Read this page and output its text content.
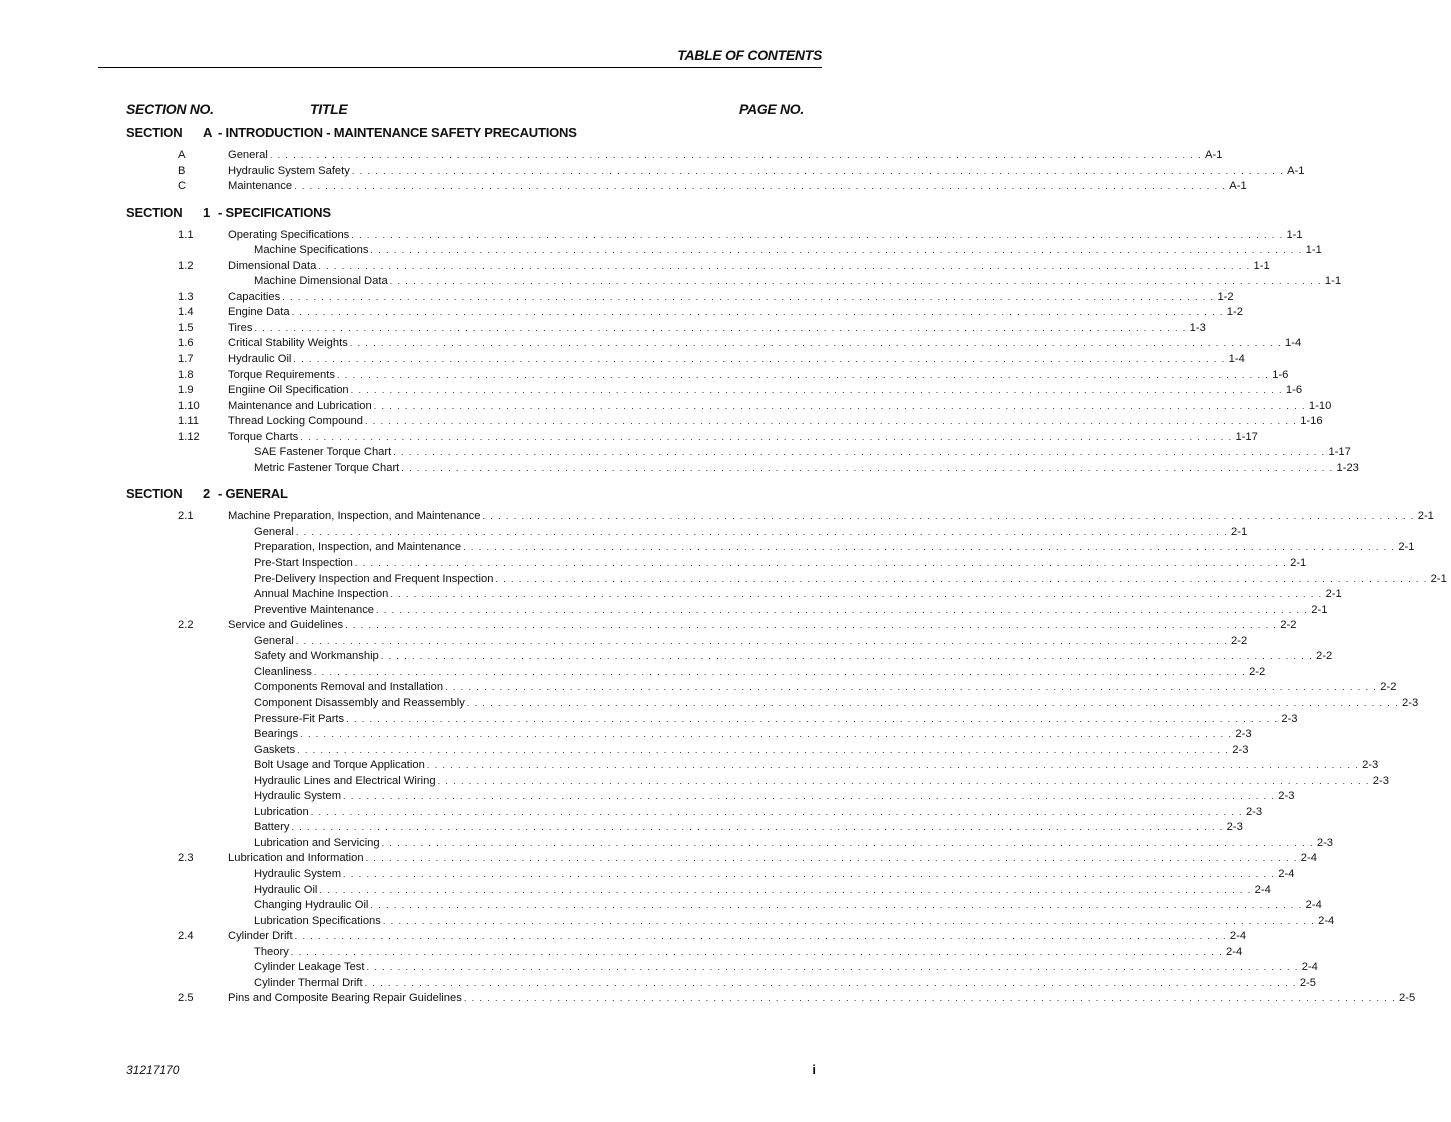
TABLE OF CONTENTS
SECTION NO.	TITLE	PAGE NO.
SECTION A - INTRODUCTION - MAINTENANCE SAFETY PRECAUTIONS
A	General . . . . . . . . . . . . . . . . . . . . . . . . . . . . . . . . . . . . . . . . . . . . . . . . . . . . . . . . . . . . . . . . . . . . . . . . . . . . . . . . . . . . . . . . . . . . . . . . . . . . . . . . . . . . . . . . . . . . . . . . A-1
B	Hydraulic System Safety . . . . . . . . . . . . . . . . . . . . . . . . . . . . . . . . . . . . . . . . . . . . . . . . . . . . . . . . . . . . . . . . . . . . . . . . . . . . . . . . . . . . . . . . . . . . . . . . . . . . . . . . . . . . . . . . . . . . . . . . A-1
C	Maintenance . . . . . . . . . . . . . . . . . . . . . . . . . . . . . . . . . . . . . . . . . . . . . . . . . . . . . . . . . . . . . . . . . . . . . . . . . . . . . . . . . . . . . . . . . . . . . . . . . . . . . . . . . . . . . . . . . . . . . . . . A-1
SECTION 1 - SPECIFICATIONS
1.1	Operating Specifications . . . . . . . . . . . . . . . . . . . . . . . . . . . . . . . . . . . . . . . . . . . . . . . . . . . . . . . . . . . . . . . . . . . . . . . . . . . . . . . . . . . . . . . . . . . . . . . . . . . . . . . . . . . . . . . . . . . . . . . . 1-1
Machine Specifications . . . . . . . . . . . . . . . . . . . . . . . . . . . . . . . . . . . . . . . . . . . . . . . . . . . . . . . . . . . . . . . . . . . . . . . . . . . . . . . . . . . . . . . . . . . . . . . . . . . . . . . . . . . . . . . . . . . . . . . . 1-1
1.2	Dimensional Data . . . . . . . . . . . . . . . . . . . . . . . . . . . . . . . . . . . . . . . . . . . . . . . . . . . . . . . . . . . . . . . . . . . . . . . . . . . . . . . . . . . . . . . . . . . . . . . . . . . . . . . . . . . . . . . . . . . . . . . . 1-1
Machine Dimensional Data . . . . . . . . . . . . . . . . . . . . . . . . . . . . . . . . . . . . . . . . . . . . . . . . . . . . . . . . . . . . . . . . . . . . . . . . . . . . . . . . . . . . . . . . . . . . . . . . . . . . . . . . . . . . . . . . . . . . . . . . 1-1
1.3	Capacities . . . . . . . . . . . . . . . . . . . . . . . . . . . . . . . . . . . . . . . . . . . . . . . . . . . . . . . . . . . . . . . . . . . . . . . . . . . . . . . . . . . . . . . . . . . . . . . . . . . . . . . . . . . . . . . . . . . . . . . . 1-2
1.4	Engine Data . . . . . . . . . . . . . . . . . . . . . . . . . . . . . . . . . . . . . . . . . . . . . . . . . . . . . . . . . . . . . . . . . . . . . . . . . . . . . . . . . . . . . . . . . . . . . . . . . . . . . . . . . . . . . . . . . . . . . . . . 1-2
1.5	Tires . . . . . . . . . . . . . . . . . . . . . . . . . . . . . . . . . . . . . . . . . . . . . . . . . . . . . . . . . . . . . . . . . . . . . . . . . . . . . . . . . . . . . . . . . . . . . . . . . . . . . . . . . . . . . . . . . . . . . . . . 1-3
1.6	Critical Stability Weights . . . . . . . . . . . . . . . . . . . . . . . . . . . . . . . . . . . . . . . . . . . . . . . . . . . . . . . . . . . . . . . . . . . . . . . . . . . . . . . . . . . . . . . . . . . . . . . . . . . . . . . . . . . . . . . . . . . . . . . . 1-4
1.7	Hydraulic Oil . . . . . . . . . . . . . . . . . . . . . . . . . . . . . . . . . . . . . . . . . . . . . . . . . . . . . . . . . . . . . . . . . . . . . . . . . . . . . . . . . . . . . . . . . . . . . . . . . . . . . . . . . . . . . . . . . . . . . . . . 1-4
1.8	Torque Requirements . . . . . . . . . . . . . . . . . . . . . . . . . . . . . . . . . . . . . . . . . . . . . . . . . . . . . . . . . . . . . . . . . . . . . . . . . . . . . . . . . . . . . . . . . . . . . . . . . . . . . . . . . . . . . . . . . . . . . . . . 1-6
1.9	Engiine Oil Specification . . . . . . . . . . . . . . . . . . . . . . . . . . . . . . . . . . . . . . . . . . . . . . . . . . . . . . . . . . . . . . . . . . . . . . . . . . . . . . . . . . . . . . . . . . . . . . . . . . . . . . . . . . . . . . . . . . . . . . . . 1-6
1.10	Maintenance and Lubrication . . . . . . . . . . . . . . . . . . . . . . . . . . . . . . . . . . . . . . . . . . . . . . . . . . . . . . . . . . . . . . . . . . . . . . . . . . . . . . . . . . . . . . . . . . . . . . . . . . . . . . . . . . . . . . . . . . . . . . . . 1-10
1.11	Thread Locking Compound . . . . . . . . . . . . . . . . . . . . . . . . . . . . . . . . . . . . . . . . . . . . . . . . . . . . . . . . . . . . . . . . . . . . . . . . . . . . . . . . . . . . . . . . . . . . . . . . . . . . . . . . . . . . . . . . . . . . . . . . 1-16
1.12	Torque Charts . . . . . . . . . . . . . . . . . . . . . . . . . . . . . . . . . . . . . . . . . . . . . . . . . . . . . . . . . . . . . . . . . . . . . . . . . . . . . . . . . . . . . . . . . . . . . . . . . . . . . . . . . . . . . . . . . . . . . . . . 1-17
SAE Fastener Torque Chart . . . . . . . . . . . . . . . . . . . . . . . . . . . . . . . . . . . . . . . . . . . . . . . . . . . . . . . . . . . . . . . . . . . . . . . . . . . . . . . . . . . . . . . . . . . . . . . . . . . . . . . . . . . . . . . . . . . . . . . . 1-17
Metric Fastener Torque Chart . . . . . . . . . . . . . . . . . . . . . . . . . . . . . . . . . . . . . . . . . . . . . . . . . . . . . . . . . . . . . . . . . . . . . . . . . . . . . . . . . . . . . . . . . . . . . . . . . . . . . . . . . . . . . . . . . . . . . . . . 1-23
SECTION 2 - GENERAL
2.1	Machine Preparation, Inspection, and Maintenance . . . . . . . . . . . . . . . . . . . . . . . . . . . . . . . . . . . . . . . . . . . . . . . . . . . . . . . . . . . . . . . . . . . . . . . . . . . . . . . . . . . . . . . . . . . . . . . . . . . . . . . . . . . . . . . . . . . . . . . . 2-1
General . . . . . . . . . . . . . . . . . . . . . . . . . . . . . . . . . . . . . . . . . . . . . . . . . . . . . . . . . . . . . . . . . . . . . . . . . . . . . . . . . . . . . . . . . . . . . . . . . . . . . . . . . . . . . . . . . . . . . . . . 2-1
Preparation, Inspection, and Maintenance . . . . . . . . . . . . . . . . . . . . . . . . . . . . . . . . . . . . . . . . . . . . . . . . . . . . . . . . . . . . . . . . . . . . . . . . . . . . . . . . . . . . . . . . . . . . . . . . . . . . . . . . . . . . . . . . . . . . . . . . 2-1
Pre-Start Inspection . . . . . . . . . . . . . . . . . . . . . . . . . . . . . . . . . . . . . . . . . . . . . . . . . . . . . . . . . . . . . . . . . . . . . . . . . . . . . . . . . . . . . . . . . . . . . . . . . . . . . . . . . . . . . . . . . . . . . . . . 2-1
Pre-Delivery Inspection and Frequent Inspection . . . . . . . . . . . . . . . . . . . . . . . . . . . . . . . . . . . . . . . . . . . . . . . . . . . . . . . . . . . . . . . . . . . . . . . . . . . . . . . . . . . . . . . . . . . . . . . . . . . . . . . . . . . . . . . . . . . . . . . . 2-1
Annual Machine Inspection . . . . . . . . . . . . . . . . . . . . . . . . . . . . . . . . . . . . . . . . . . . . . . . . . . . . . . . . . . . . . . . . . . . . . . . . . . . . . . . . . . . . . . . . . . . . . . . . . . . . . . . . . . . . . . . . . . . . . . . . 2-1
Preventive Maintenance . . . . . . . . . . . . . . . . . . . . . . . . . . . . . . . . . . . . . . . . . . . . . . . . . . . . . . . . . . . . . . . . . . . . . . . . . . . . . . . . . . . . . . . . . . . . . . . . . . . . . . . . . . . . . . . . . . . . . . . . 2-1
2.2	Service and Guidelines . . . . . . . . . . . . . . . . . . . . . . . . . . . . . . . . . . . . . . . . . . . . . . . . . . . . . . . . . . . . . . . . . . . . . . . . . . . . . . . . . . . . . . . . . . . . . . . . . . . . . . . . . . . . . . . . . . . . . . . . 2-2
General . . . . . . . . . . . . . . . . . . . . . . . . . . . . . . . . . . . . . . . . . . . . . . . . . . . . . . . . . . . . . . . . . . . . . . . . . . . . . . . . . . . . . . . . . . . . . . . . . . . . . . . . . . . . . . . . . . . . . . . . 2-2
Safety and Workmanship . . . . . . . . . . . . . . . . . . . . . . . . . . . . . . . . . . . . . . . . . . . . . . . . . . . . . . . . . . . . . . . . . . . . . . . . . . . . . . . . . . . . . . . . . . . . . . . . . . . . . . . . . . . . . . . . . . . . . . . . 2-2
Cleanliness . . . . . . . . . . . . . . . . . . . . . . . . . . . . . . . . . . . . . . . . . . . . . . . . . . . . . . . . . . . . . . . . . . . . . . . . . . . . . . . . . . . . . . . . . . . . . . . . . . . . . . . . . . . . . . . . . . . . . . . . 2-2
Components Removal and Installation . . . . . . . . . . . . . . . . . . . . . . . . . . . . . . . . . . . . . . . . . . . . . . . . . . . . . . . . . . . . . . . . . . . . . . . . . . . . . . . . . . . . . . . . . . . . . . . . . . . . . . . . . . . . . . . . . . . . . . . . 2-2
Component Disassembly and Reassembly . . . . . . . . . . . . . . . . . . . . . . . . . . . . . . . . . . . . . . . . . . . . . . . . . . . . . . . . . . . . . . . . . . . . . . . . . . . . . . . . . . . . . . . . . . . . . . . . . . . . . . . . . . . . . . . . . . . . . . . . 2-3
Pressure-Fit Parts . . . . . . . . . . . . . . . . . . . . . . . . . . . . . . . . . . . . . . . . . . . . . . . . . . . . . . . . . . . . . . . . . . . . . . . . . . . . . . . . . . . . . . . . . . . . . . . . . . . . . . . . . . . . . . . . . . . . . . . . 2-3
Bearings . . . . . . . . . . . . . . . . . . . . . . . . . . . . . . . . . . . . . . . . . . . . . . . . . . . . . . . . . . . . . . . . . . . . . . . . . . . . . . . . . . . . . . . . . . . . . . . . . . . . . . . . . . . . . . . . . . . . . . . . 2-3
Gaskets . . . . . . . . . . . . . . . . . . . . . . . . . . . . . . . . . . . . . . . . . . . . . . . . . . . . . . . . . . . . . . . . . . . . . . . . . . . . . . . . . . . . . . . . . . . . . . . . . . . . . . . . . . . . . . . . . . . . . . . . 2-3
Bolt Usage and Torque Application . . . . . . . . . . . . . . . . . . . . . . . . . . . . . . . . . . . . . . . . . . . . . . . . . . . . . . . . . . . . . . . . . . . . . . . . . . . . . . . . . . . . . . . . . . . . . . . . . . . . . . . . . . . . . . . . . . . . . . . . 2-3
Hydraulic Lines and Electrical Wiring . . . . . . . . . . . . . . . . . . . . . . . . . . . . . . . . . . . . . . . . . . . . . . . . . . . . . . . . . . . . . . . . . . . . . . . . . . . . . . . . . . . . . . . . . . . . . . . . . . . . . . . . . . . . . . . . . . . . . . . . 2-3
Hydraulic System . . . . . . . . . . . . . . . . . . . . . . . . . . . . . . . . . . . . . . . . . . . . . . . . . . . . . . . . . . . . . . . . . . . . . . . . . . . . . . . . . . . . . . . . . . . . . . . . . . . . . . . . . . . . . . . . . . . . . . . . 2-3
Lubrication . . . . . . . . . . . . . . . . . . . . . . . . . . . . . . . . . . . . . . . . . . . . . . . . . . . . . . . . . . . . . . . . . . . . . . . . . . . . . . . . . . . . . . . . . . . . . . . . . . . . . . . . . . . . . . . . . . . . . . . . 2-3
Battery . . . . . . . . . . . . . . . . . . . . . . . . . . . . . . . . . . . . . . . . . . . . . . . . . . . . . . . . . . . . . . . . . . . . . . . . . . . . . . . . . . . . . . . . . . . . . . . . . . . . . . . . . . . . . . . . . . . . . . . . 2-3
Lubrication and Servicing . . . . . . . . . . . . . . . . . . . . . . . . . . . . . . . . . . . . . . . . . . . . . . . . . . . . . . . . . . . . . . . . . . . . . . . . . . . . . . . . . . . . . . . . . . . . . . . . . . . . . . . . . . . . . . . . . . . . . . . . 2-3
2.3	Lubrication and Information . . . . . . . . . . . . . . . . . . . . . . . . . . . . . . . . . . . . . . . . . . . . . . . . . . . . . . . . . . . . . . . . . . . . . . . . . . . . . . . . . . . . . . . . . . . . . . . . . . . . . . . . . . . . . . . . . . . . . . . . 2-4
Hydraulic System . . . . . . . . . . . . . . . . . . . . . . . . . . . . . . . . . . . . . . . . . . . . . . . . . . . . . . . . . . . . . . . . . . . . . . . . . . . . . . . . . . . . . . . . . . . . . . . . . . . . . . . . . . . . . . . . . . . . . . . . 2-4
Hydraulic Oil . . . . . . . . . . . . . . . . . . . . . . . . . . . . . . . . . . . . . . . . . . . . . . . . . . . . . . . . . . . . . . . . . . . . . . . . . . . . . . . . . . . . . . . . . . . . . . . . . . . . . . . . . . . . . . . . . . . . . . . . 2-4
Changing Hydraulic Oil . . . . . . . . . . . . . . . . . . . . . . . . . . . . . . . . . . . . . . . . . . . . . . . . . . . . . . . . . . . . . . . . . . . . . . . . . . . . . . . . . . . . . . . . . . . . . . . . . . . . . . . . . . . . . . . . . . . . . . . . 2-4
Lubrication Specifications . . . . . . . . . . . . . . . . . . . . . . . . . . . . . . . . . . . . . . . . . . . . . . . . . . . . . . . . . . . . . . . . . . . . . . . . . . . . . . . . . . . . . . . . . . . . . . . . . . . . . . . . . . . . . . . . . . . . . . . . 2-4
2.4	Cylinder Drift . . . . . . . . . . . . . . . . . . . . . . . . . . . . . . . . . . . . . . . . . . . . . . . . . . . . . . . . . . . . . . . . . . . . . . . . . . . . . . . . . . . . . . . . . . . . . . . . . . . . . . . . . . . . . . . . . . . . . . . . 2-4
Theory . . . . . . . . . . . . . . . . . . . . . . . . . . . . . . . . . . . . . . . . . . . . . . . . . . . . . . . . . . . . . . . . . . . . . . . . . . . . . . . . . . . . . . . . . . . . . . . . . . . . . . . . . . . . . . . . . . . . . . . . 2-4
Cylinder Leakage Test . . . . . . . . . . . . . . . . . . . . . . . . . . . . . . . . . . . . . . . . . . . . . . . . . . . . . . . . . . . . . . . . . . . . . . . . . . . . . . . . . . . . . . . . . . . . . . . . . . . . . . . . . . . . . . . . . . . . . . . . 2-4
Cylinder Thermal Drift . . . . . . . . . . . . . . . . . . . . . . . . . . . . . . . . . . . . . . . . . . . . . . . . . . . . . . . . . . . . . . . . . . . . . . . . . . . . . . . . . . . . . . . . . . . . . . . . . . . . . . . . . . . . . . . . . . . . . . . . 2-5
2.5	Pins and Composite Bearing Repair Guidelines . . . . . . . . . . . . . . . . . . . . . . . . . . . . . . . . . . . . . . . . . . . . . . . . . . . . . . . . . . . . . . . . . . . . . . . . . . . . . . . . . . . . . . . . . . . . . . . . . . . . . . . . . . . . . . . . . . . . . . . . 2-5
31217170	i
